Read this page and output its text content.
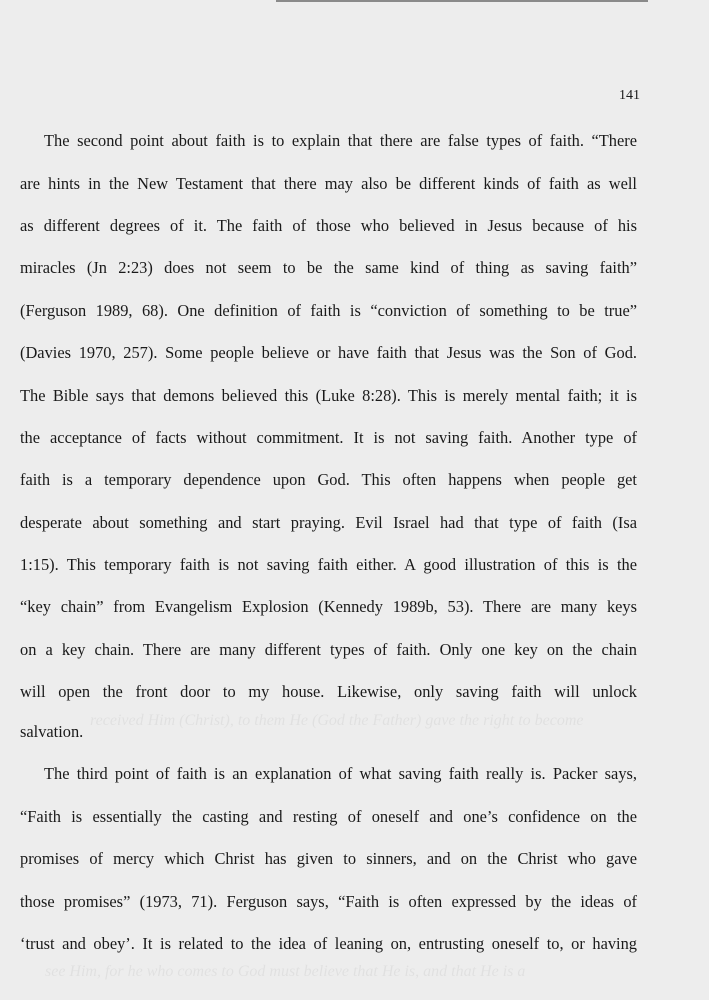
received Him (Christ), to them He (God the Father) gave the right to become
see Him, for he who comes to God must believe that He is, and that He is a
141
The second point about faith is to explain that there are false types of faith. “There
are hints in the New Testament that there may also be different kinds of faith as well
as different degrees of it. The faith of those who believed in Jesus because of his
miracles (Jn 2:23) does not seem to be the same kind of thing as saving faith”
(Ferguson 1989, 68). One definition of faith is “conviction of something to be true”
(Davies 1970, 257). Some people believe or have faith that Jesus was the Son of God.
The Bible says that demons believed this (Luke 8:28). This is merely mental faith; it is
the acceptance of facts without commitment. It is not saving faith. Another type of
faith is a temporary dependence upon God. This often happens when people get
desperate about something and start praying. Evil Israel had that type of faith (Isa
1:15). This temporary faith is not saving faith either. A good illustration of this is the
“key chain” from Evangelism Explosion (Kennedy 1989b, 53). There are many keys
on a key chain. There are many different types of faith. Only one key on the chain
will open the front door to my house. Likewise, only saving faith will unlock
salvation.
The third point of faith is an explanation of what saving faith really is. Packer says,
“Faith is essentially the casting and resting of oneself and one’s confidence on the
promises of mercy which Christ has given to sinners, and on the Christ who gave
those promises” (1973, 71). Ferguson says, “Faith is often expressed by the ideas of
‘trust and obey’. It is related to the idea of leaning on, entrusting oneself to, or having
